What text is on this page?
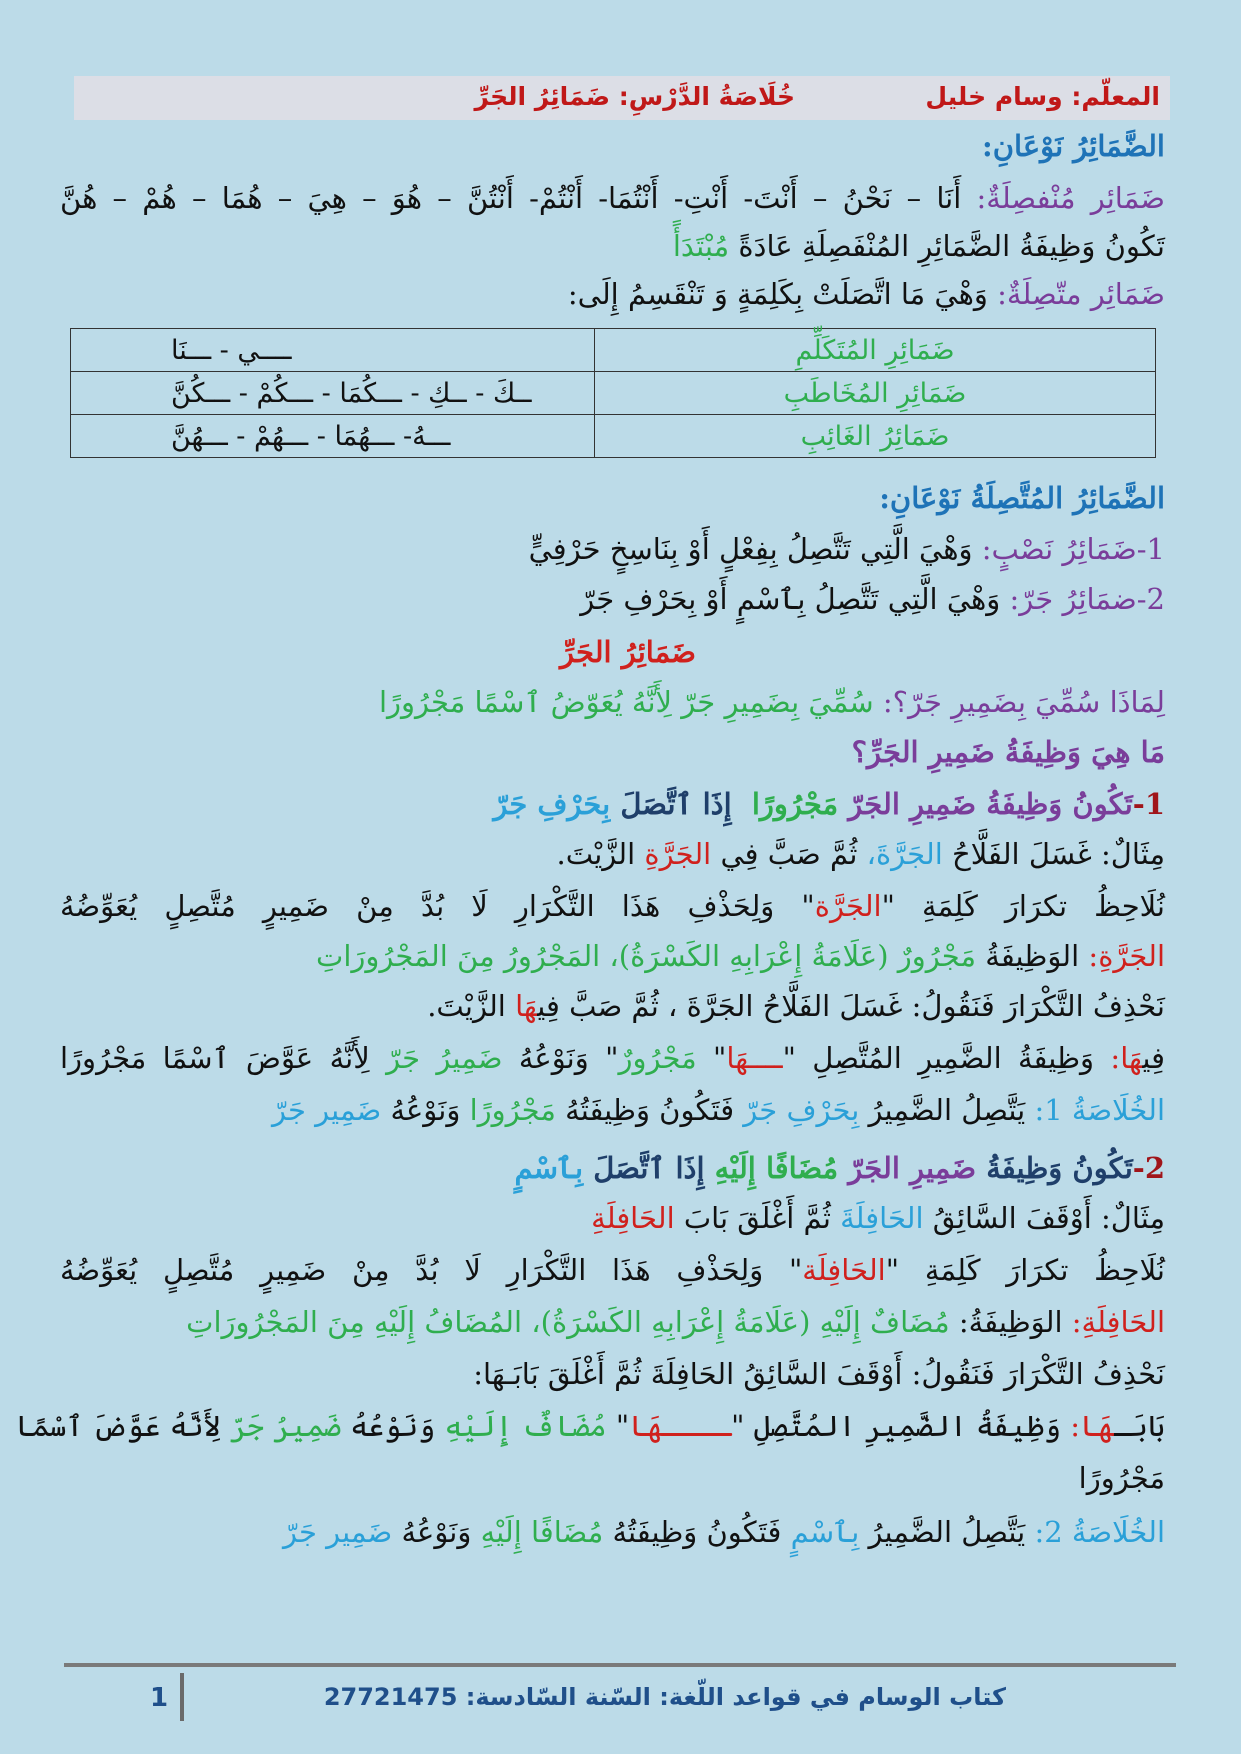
المعلّم: وسام خليل
خُلَاصَةُ الدَّرْسِ: ضَمَائِرُ الجَرِّ
الضَّمَائِرُ نَوْعَانِ:
ضَمَائِر مُنْفصِلَةٌ: أَنَا – نَحْنُ – أَنْتَ- أَنْتِ- أَنْتُمَا- أَنْتُمْ- أَنْتُنَّ – هُوَ – هِيَ – هُمَا – هُمْ – هُنَّ
تَكُونُ وَظِيفَةُ الضَّمَائِرِ المُنْفَصِلَةِ عَادَةً مُبْتَدَأً
ضَمَائِر متّصِلَةٌ: وَهْيَ مَا اتَّصَلَتْ بِكَلِمَةٍ وَ تَنْقَسِمُ إِلَى:
ضَمَائِرِ المُتَكَلِّمِ	ــــي - ـــنَا
ضَمَائِرِ المُخَاطَبِ	ــكَ - ــكِ - ـــكُمَا - ـــكُمْ - ـــكُنَّ
ضَمَائِرُ الغَائِبِ	ـــهُ- ـــهُمَا - ـــهُمْ - ـــهُنَّ
الضَّمَائِرُ المُتَّصِلَةُ نَوْعَانِ:
1-ضَمَائِرُ نَصْبٍ: وَهْيَ الَّتِي تَتَّصِلُ بِفِعْلٍ أَوْ بِنَاسِخٍ حَرْفِيٍّ
2-ضمَائِرُ جَرّ: وَهْيَ الَّتِي تَتَّصِلُ بِٱسْمٍ أَوْ بِحَرْفِ جَرّ
ضَمَائِرُ الجَرِّ
لِمَاذَا سُمِّيَ بِضَمِيرِ جَرّ؟: سُمِّيَ بِضَمِيرِ جَرّ لِأَنَّهُ يُعَوّضُ ٱسْمًا مَجْرُورًا
مَا هِيَ وَظِيفَةُ ضَمِيرِ الجَرِّ؟
1-تَكُونُ وَظِيفَةُ ضَمِيرِ الجَرّ مَجْرُورًا  إِذَا ٱتَّصَلَ بِحَرْفِ جَرّ
مِثَالٌ: غَسَلَ الفَلَّاحُ الجَرَّةَ، ثُمَّ صَبَّ فِي الجَرَّةِ الزَّيْتَ.
نُلَاحِظُ تكرَارَ كَلِمَةِ "الجَرَّة" وَلِحَذْفِ هَذَا التَّكْرَارِ لَا بُدَّ مِنْ ضَمِيرٍ مُتَّصِلٍ يُعَوِّضُهُ
الجَرَّةِ: الوَظِيفَةُ مَجْرُورٌ (عَلَامَةُ إِعْرَابِهِ الكَسْرَةُ)، المَجْرُورُ مِنَ المَجْرُورَاتِ
نَحْذِفُ التَّكْرَارَ فَنَقُولُ: غَسَلَ الفَلَّاحُ الجَرَّةَ ، ثُمَّ صَبَّ فِيهَا الزَّيْتَ.
فِيهَا: وَظِيفَةُ الضَّمِيرِ المُتَّصِلِ "ــــهَا" مَجْرُورٌ" وَنَوْعُهُ ضَمِيرُ جَرّ لِأَنَّهُ عَوَّضَ ٱسْمًا مَجْرُورًا
الخُلَاصَةُ 1: يَتَّصِلُ الضَّمِيرُ بِحَرْفِ جَرّ فَتَكُونُ وَظِيفَتُهُ مَجْرُورًا وَنَوْعُهُ ضَمِير جَرّ
2-تَكُونُ وَظِيفَةُ ضَمِيرِ الجَرّ مُضَافًا إِلَيْهِ إِذَا ٱتَّصَلَ بِٱسْمٍ
مِثَالٌ: أَوْقَفَ السَّائِقُ الحَافِلَةَ ثُمَّ أَغْلَقَ بَابَ الحَافِلَةِ
نُلَاحِظُ تكرَارَ كَلِمَةِ "الحَافِلَة" وَلِحَذْفِ هَذَا التَّكْرَارِ لَا بُدَّ مِنْ ضَمِيرٍ مُتَّصِلٍ يُعَوِّضُهُ
الحَافِلَةِ: الوَظِيفَةُ: مُضَافٌ إِلَيْهِ (عَلَامَةُ إِعْرَابِهِ الكَسْرَةُ)، المُضَافُ إِلَيْهِ مِنَ المَجْرُورَاتِ
نَحْذِفُ التَّكْرَارَ فَنَقُولُ: أَوْقَفَ السَّائِقُ الحَافِلَةَ ثُمَّ أَغْلَقَ بَابَـهَا:
بَابَـهَا: وَظِيفَةُ الضَّمِيرِ المُتَّصِلِ "ــــهَا" مُضَافٌ إِلَيْهِ وَنَوْعُهُ ضَمِيرُ جَرّ لِأَنَّهُ عَوَّضَ ٱسْمًا
مَجْرُورًا
الخُلَاصَةُ 2: يَتَّصِلُ الضَّمِيرُ بِٱسْمٍ فَتَكُونُ وَظِيفَتُهُ مُضَافًا إِلَيْهِ وَنَوْعُهُ ضَمِير جَرّ
1	كتاب الوسام في قواعد اللّغة: السّنة السّادسة: 27721475
